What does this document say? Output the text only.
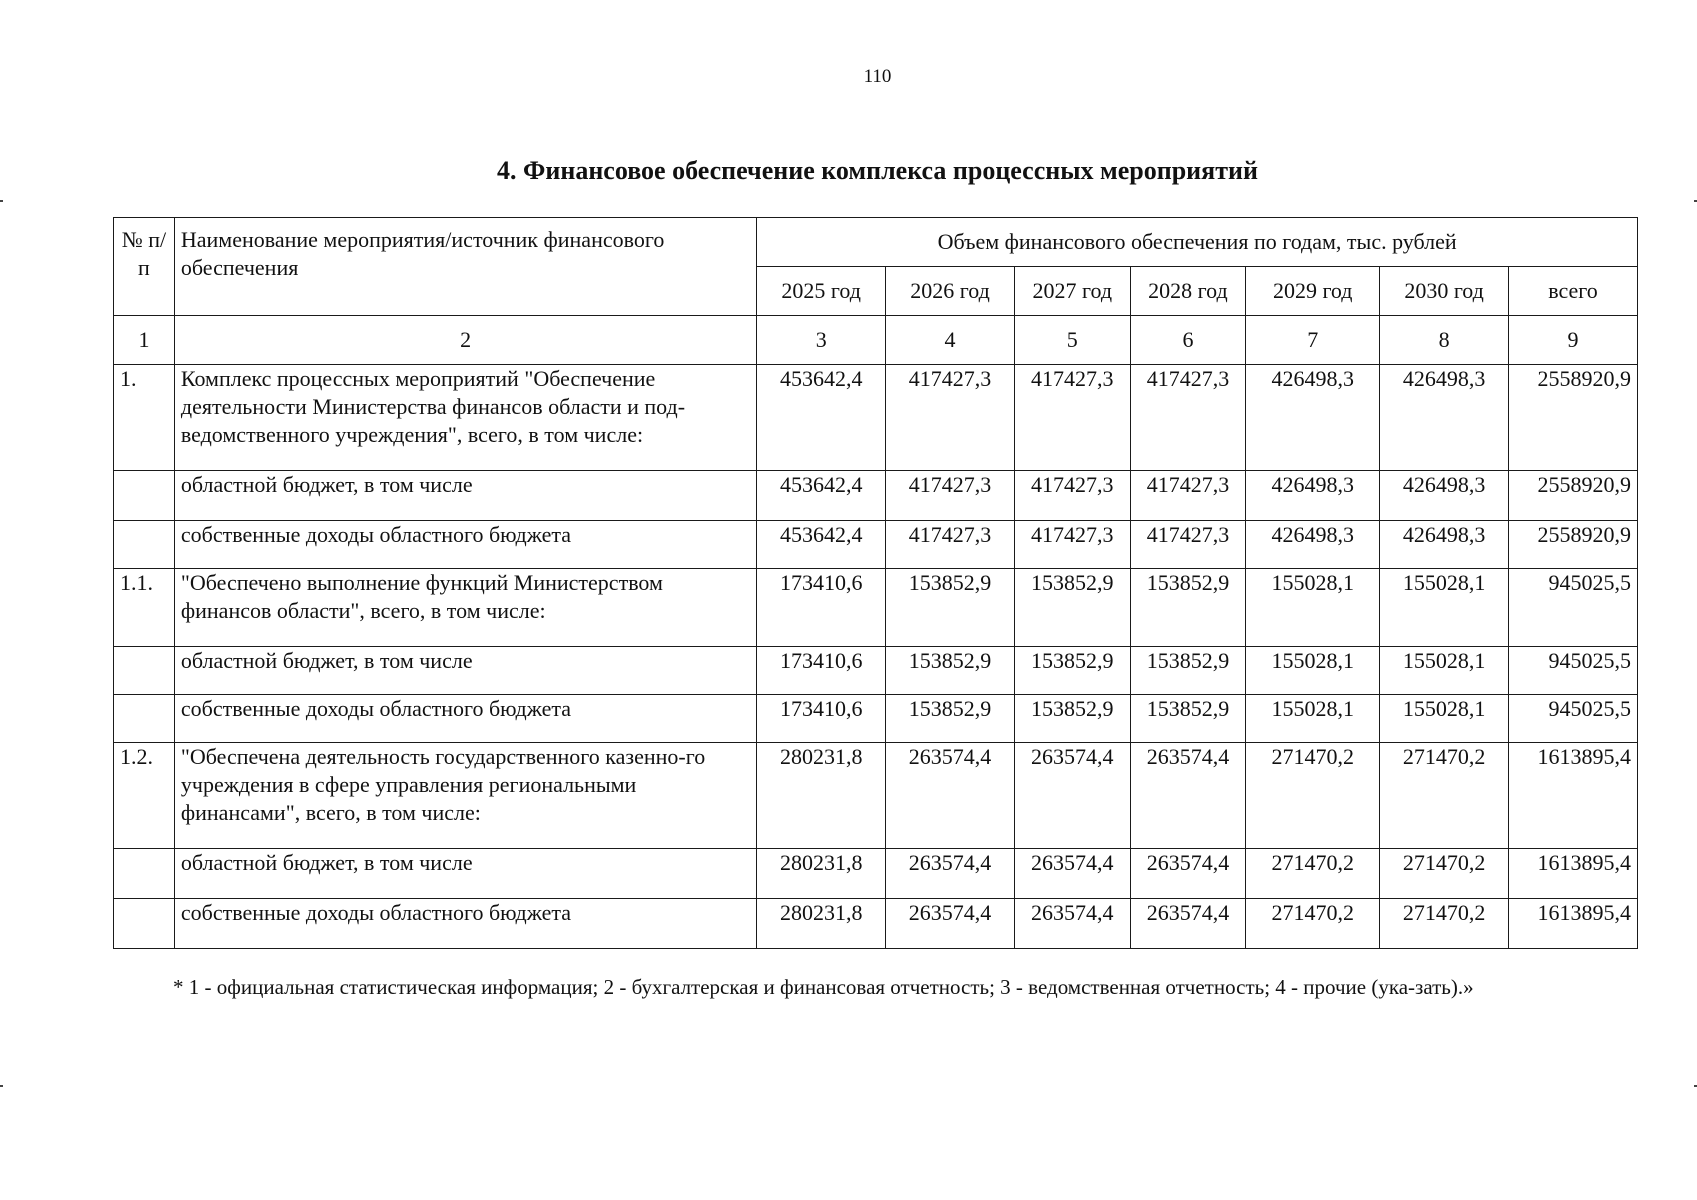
110

4. Финансовое обеспечение комплекса процессных мероприятий
№ п/п	Наименование мероприятия/источник финансового обеспечения	Объем финансового обеспечения по годам, тыс. рублей						
		2025 год	2026 год	2027 год	2028 год	2029 год	2030 год	всего
1	2	3	4	5	6	7	8	9
1.	Комплекс процессных мероприятий "Обеспечение деятельности Министерства финансов области и под-ведомственного учреждения", всего, в том числе:	453642,4	417427,3	417427,3	417427,3	426498,3	426498,3	2558920,9
	областной бюджет, в том числе	453642,4	417427,3	417427,3	417427,3	426498,3	426498,3	2558920,9
	собственные доходы областного бюджета	453642,4	417427,3	417427,3	417427,3	426498,3	426498,3	2558920,9
1.1.	"Обеспечено выполнение функций Министерством финансов области", всего, в том числе:	173410,6	153852,9	153852,9	153852,9	155028,1	155028,1	945025,5
	областной бюджет, в том числе	173410,6	153852,9	153852,9	153852,9	155028,1	155028,1	945025,5
	собственные доходы областного бюджета	173410,6	153852,9	153852,9	153852,9	155028,1	155028,1	945025,5
1.2.	"Обеспечена деятельность государственного казенно-го учреждения в сфере управления региональными финансами", всего, в том числе:	280231,8	263574,4	263574,4	263574,4	271470,2	271470,2	1613895,4
	областной бюджет, в том числе	280231,8	263574,4	263574,4	263574,4	271470,2	271470,2	1613895,4
	собственные доходы областного бюджета	280231,8	263574,4	263574,4	263574,4	271470,2	271470,2	1613895,4

* 1 - официальная статистическая информация; 2 - бухгалтерская и финансовая отчетность; 3 - ведомственная отчетность; 4 - прочие (ука-зать).»
